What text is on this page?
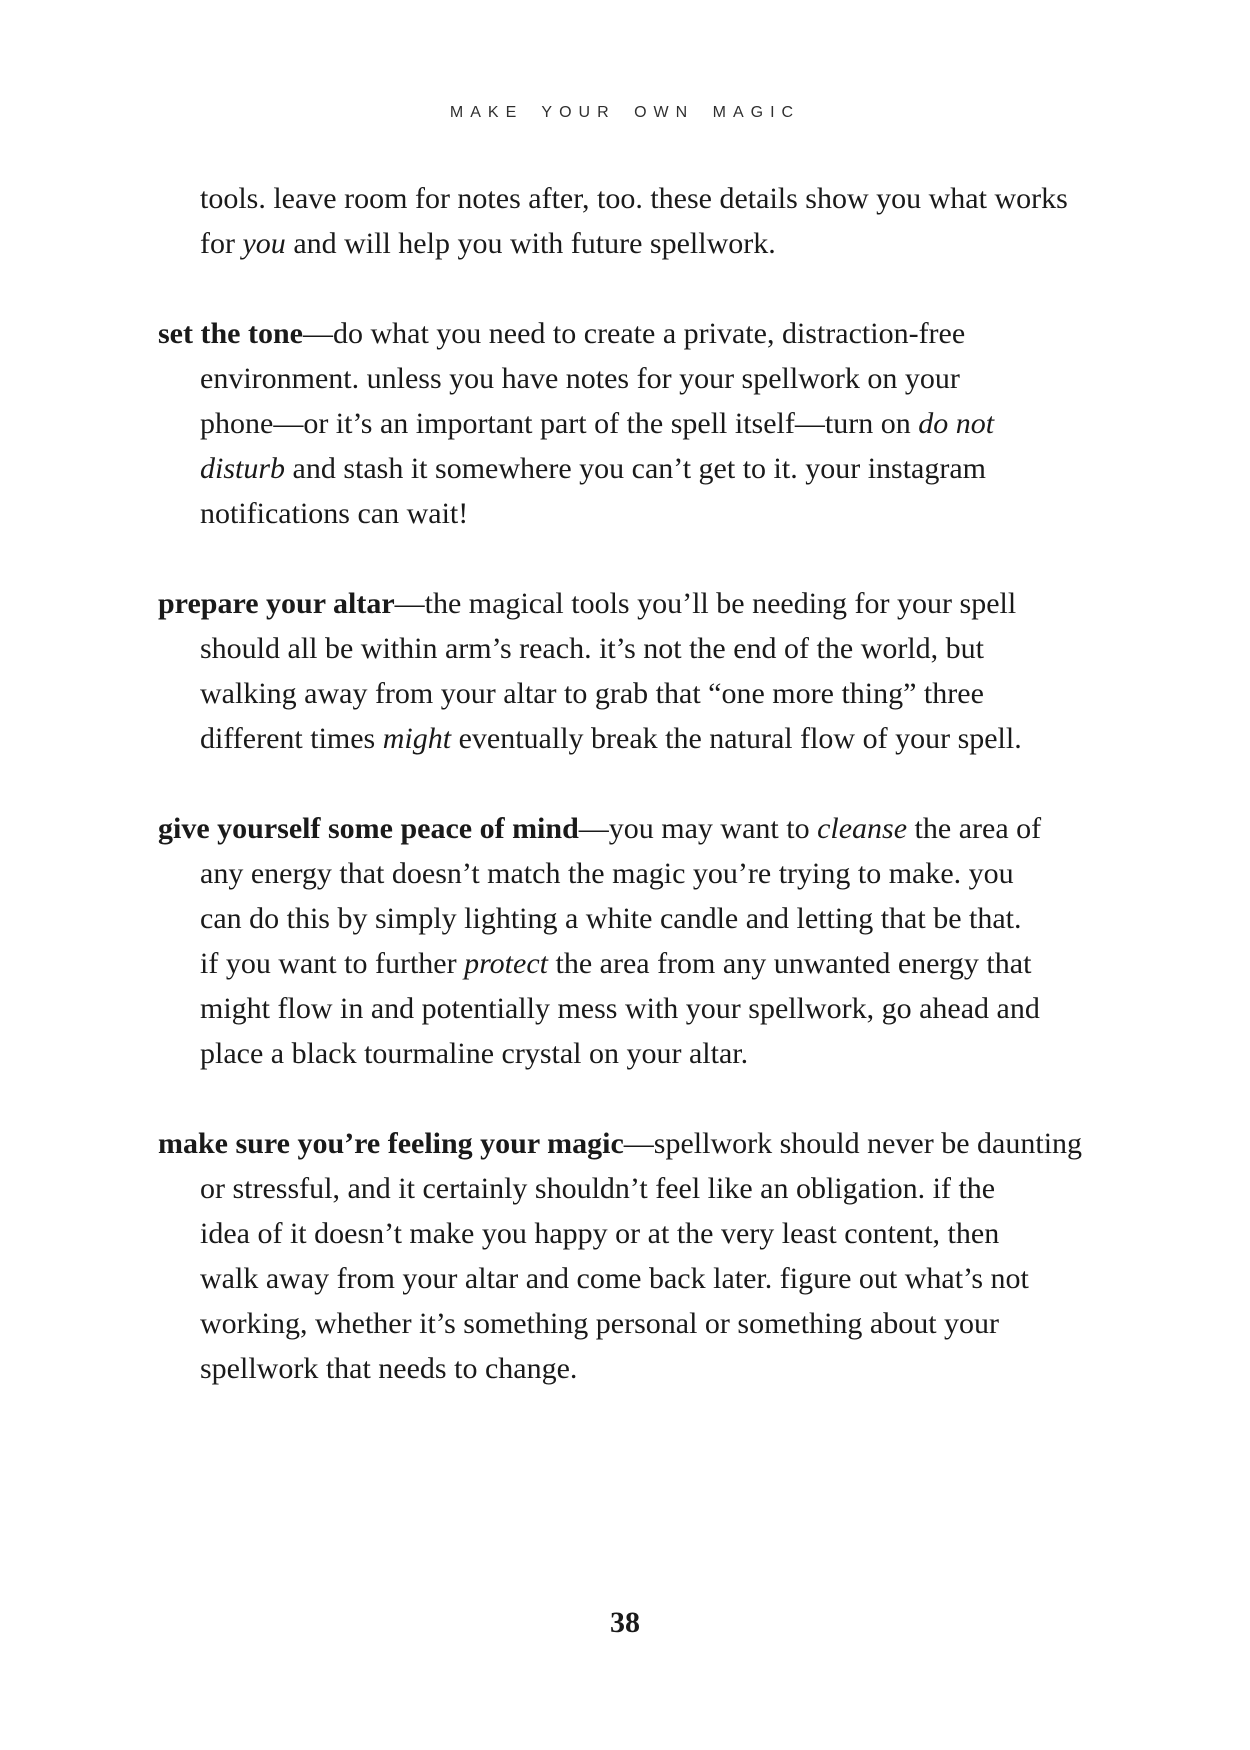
MAKE YOUR OWN MAGIC

tools. leave room for notes after, too. these details show you what works
for you and will help you with future spellwork.

set the tone—do what you need to create a private, distraction-free
environment. unless you have notes for your spellwork on your
phone—or it’s an important part of the spell itself—turn on do not
disturb and stash it somewhere you can’t get to it. your instagram
notifications can wait!

prepare your altar—the magical tools you’ll be needing for your spell
should all be within arm’s reach. it’s not the end of the world, but
walking away from your altar to grab that “one more thing” three
different times might eventually break the natural flow of your spell.

give yourself some peace of mind—you may want to cleanse the area of
any energy that doesn’t match the magic you’re trying to make. you
can do this by simply lighting a white candle and letting that be that.
if you want to further protect the area from any unwanted energy that
might flow in and potentially mess with your spellwork, go ahead and
place a black tourmaline crystal on your altar.

make sure you’re feeling your magic—spellwork should never be daunting
or stressful, and it certainly shouldn’t feel like an obligation. if the
idea of it doesn’t make you happy or at the very least content, then
walk away from your altar and come back later. figure out what’s not
working, whether it’s something personal or something about your
spellwork that needs to change.

38
